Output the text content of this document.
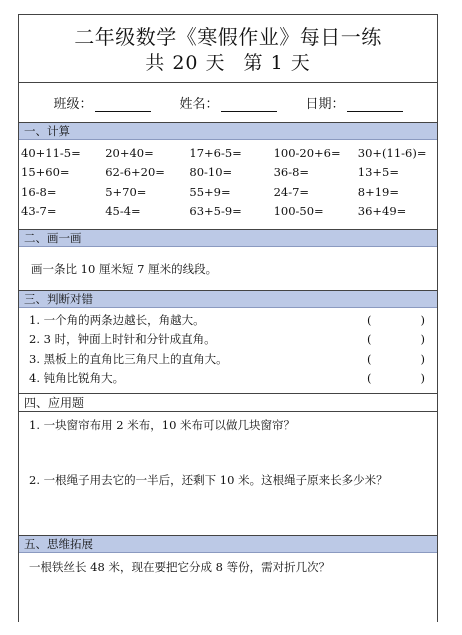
二年级数学《寒假作业》每日一练
共 20 天 第 1 天
班级：	姓名：	日期：
一、计算
40+11-5=	20+40=	17+6-5=	100-20+6=	30+(11-6)=
15+60=	62-6+20=	80-10=	36-8=	13+5=
16-8=	5+70=	55+9=	24-7=	8+19=
43-7=	45-4=	63+5-9=	100-50=	36+49=
二、画一画
画一条比 10 厘米短 7 厘米的线段。
三、判断对错
1. 一个角的两条边越长，角越大。	(	)
2. 3 时，钟面上时针和分针成直角。	(	)
3. 黑板上的直角比三角尺上的直角大。	(	)
4. 钝角比锐角大。	(	)
四、应用题
1. 一块窗帘布用 2 米布，10 米布可以做几块窗帘？
2. 一根绳子用去它的一半后，还剩下 10 米。这根绳子原来长多少米？
五、思维拓展
一根铁丝长 48 米，现在要把它分成 8 等份，需对折几次？
